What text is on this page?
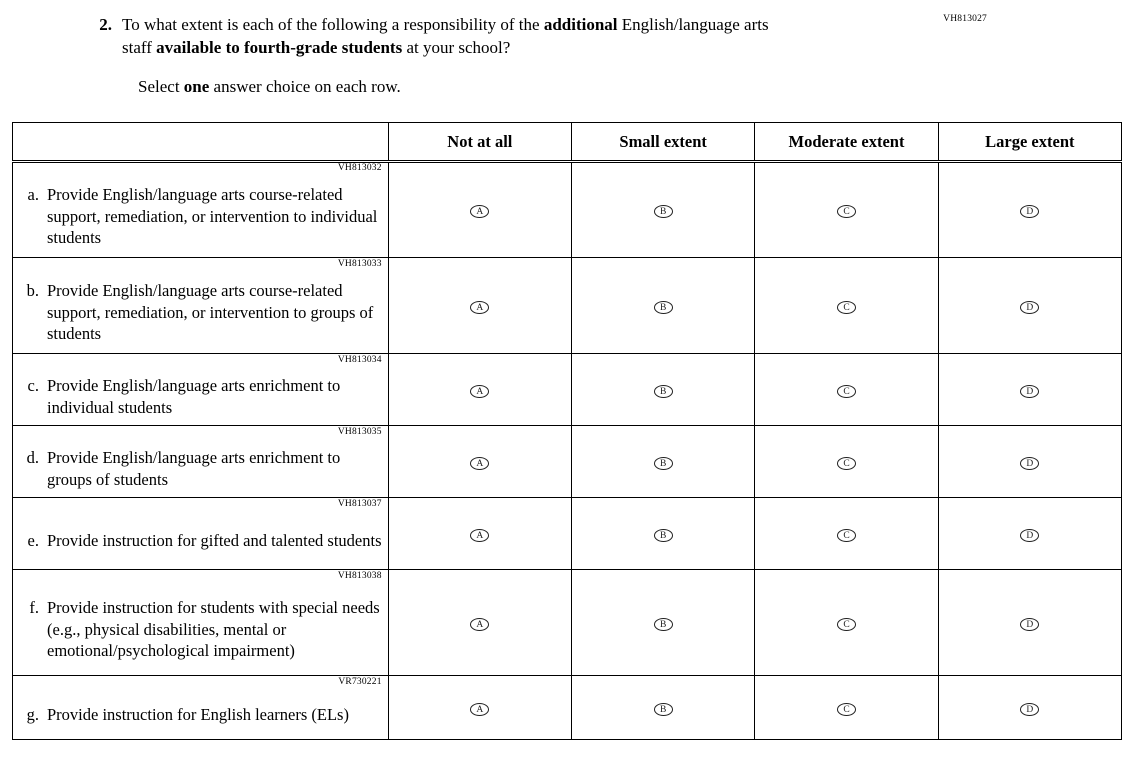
VH813027
2. To what extent is each of the following a responsibility of the additional English/language arts staff available to fourth-grade students at your school?
Select one answer choice on each row.
	Not at all	Small extent	Moderate extent	Large extent

VH813032
a. Provide English/language arts course-related support, remediation, or intervention to individual students	A	B	C	D

VH813033
b. Provide English/language arts course-related support, remediation, or intervention to groups of students	A	B	C	D

VH813034
c. Provide English/language arts enrichment to individual students	A	B	C	D

VH813035
d. Provide English/language arts enrichment to groups of students	A	B	C	D

VH813037
e. Provide instruction for gifted and talented students	A	B	C	D

VH813038
f. Provide instruction for students with special needs (e.g., physical disabilities, mental or emotional/psychological impairment)	A	B	C	D

VR730221
g. Provide instruction for English learners (ELs)	A	B	C	D
